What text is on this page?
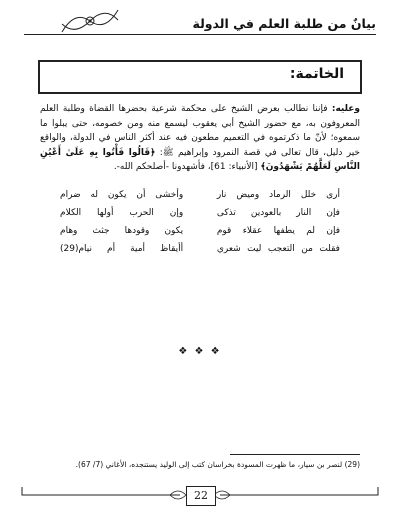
بيانٌ من طلبة العلم في الدولة
الخاتمة:

وعليه: فإننا نطالب بعرض الشيخ على محكمة شرعية بحضرها القضاة وطلبة العلم المعروفون به، مع حضور الشيخ أبي يعقوب ليسمع منه ومن خصومه، حتى يبلوا ما سمعوه؛ لأنّ ما ذكرتموه في التعميم مطعون فيه عند أكثر الناس في الدولة، والواقع خير دليل، قال تعالى في قصة النمرود وإبراهيم ﷺ: ﴿قَالُوا فَأْتُوا بِهِ عَلَىٰ أَعْيُنِ النَّاسِ لَعَلَّهُمْ يَشْهَدُونَ﴾ [الأنبياء: 61]، فأشهدونا -أصلحكم الله-.

أرى خلل الرماد وميض نار
وأخشى أن يكون له ضرام
فإن النار بالعودين تذكى
وإن الحرب أولها الكلام
فإن لم يطفها عقلاء قوم
يكون وقودها جثث وهام
فقلت من التعجب ليت شعري
أأيقاظ أمية أم نيام(29)
❖ ❖ ❖
(29) لنصر بن سيار، ما ظهرت المسودة بخراسان كتب إلى الوليد يستنجده، الأغاني (7/ 67).
22
